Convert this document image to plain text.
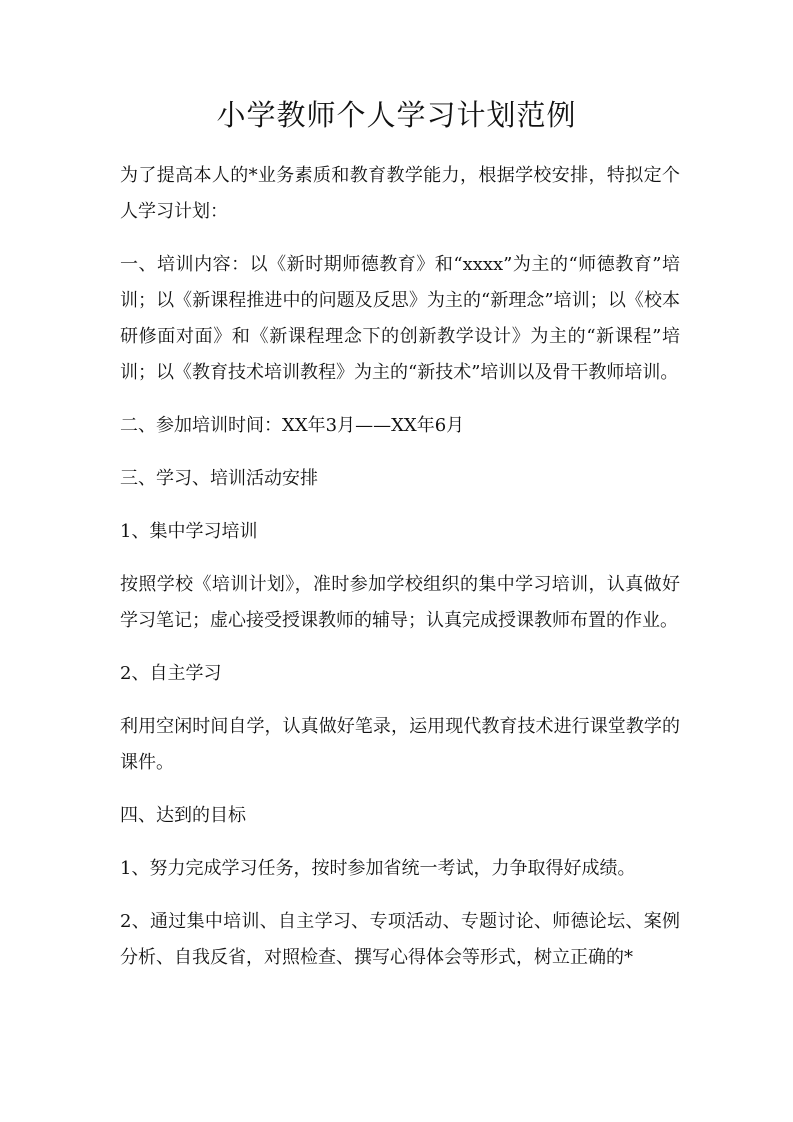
小学教师个人学习计划范例

为了提高本人的*业务素质和教育教学能力，根据学校安排，特拟定个人学习计划：

一、培训内容：以《新时期师德教育》和“xxxx”为主的“师德教育”培训；以《新课程推进中的问题及反思》为主的“新理念”培训；以《校本研修面对面》和《新课程理念下的创新教学设计》为主的“新课程”培训；以《教育技术培训教程》为主的“新技术”培训以及骨干教师培训。

二、参加培训时间：XX年3月——XX年6月

三、学习、培训活动安排

1、集中学习培训

按照学校《培训计划》，准时参加学校组织的集中学习培训，认真做好学习笔记；虚心接受授课教师的辅导；认真完成授课教师布置的作业。

2、自主学习

利用空闲时间自学，认真做好笔录，运用现代教育技术进行课堂教学的课件。

四、达到的目标

1、努力完成学习任务，按时参加省统一考试，力争取得好成绩。

2、通过集中培训、自主学习、专项活动、专题讨论、师德论坛、案例分析、自我反省，对照检查、撰写心得体会等形式，树立正确的*
